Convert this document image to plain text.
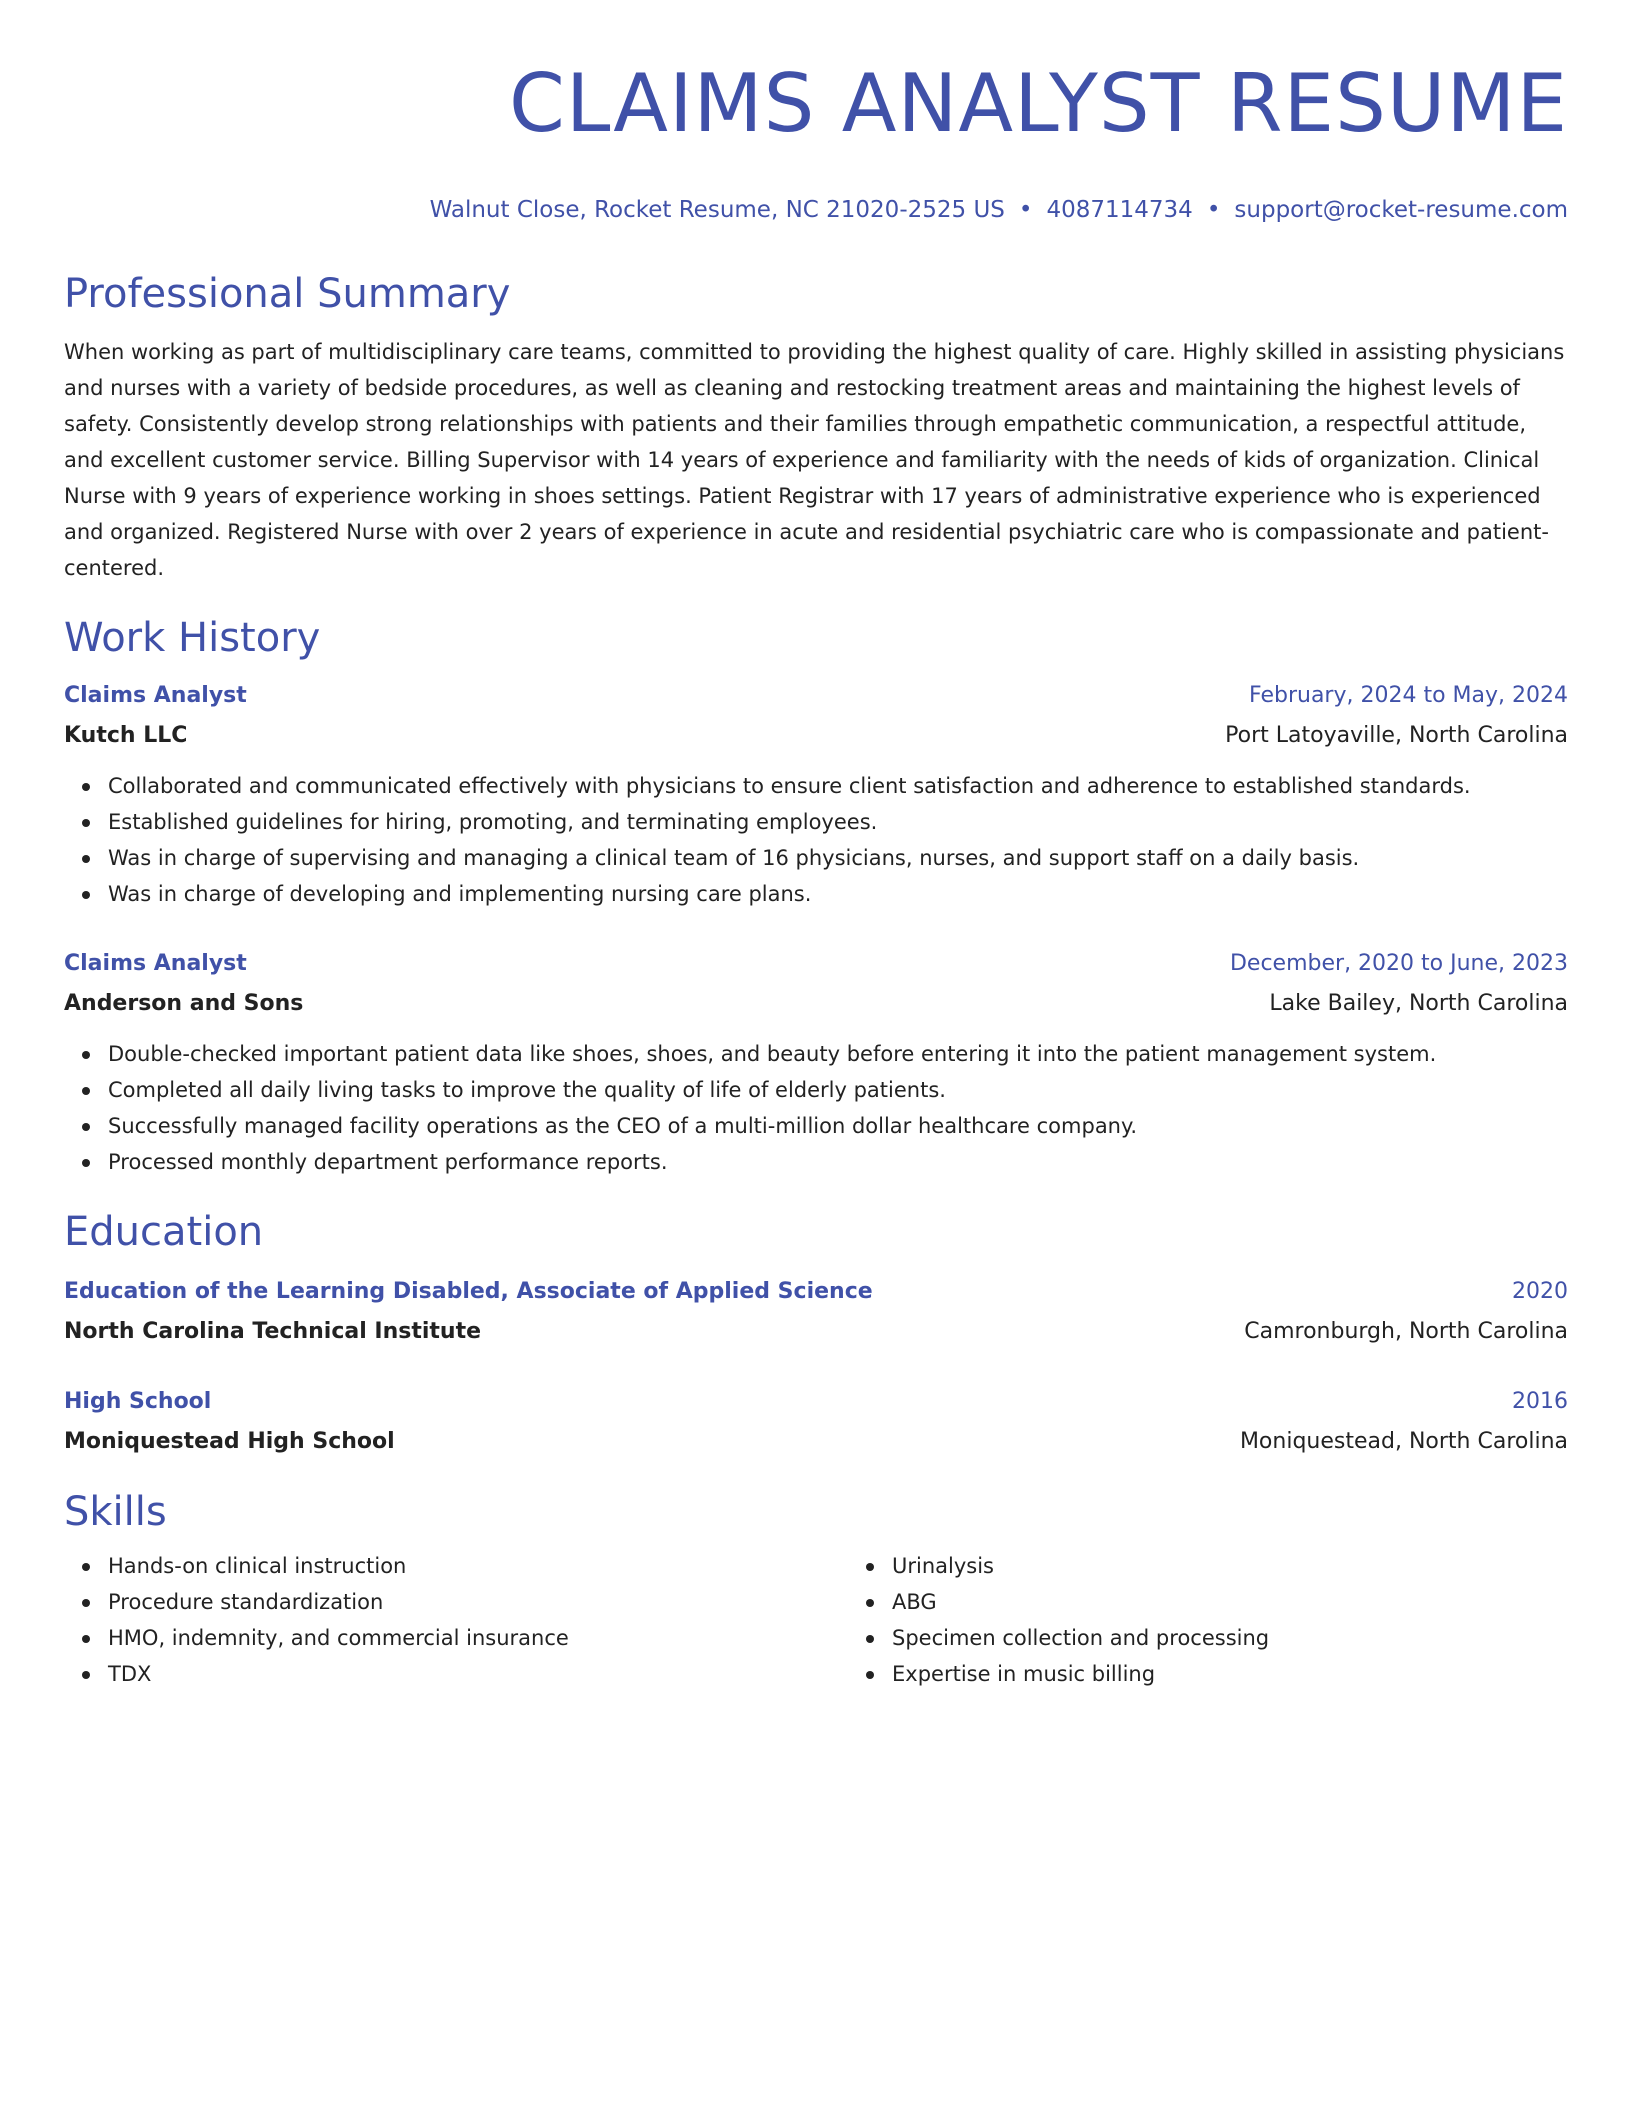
CLAIMS ANALYST RESUME
Walnut Close, Rocket Resume, NC 21020-2525 US • 4087114734 • support@rocket-resume.com
Professional Summary

When working as part of multidisciplinary care teams, committed to providing the highest quality of care. Highly skilled in assisting physicians and nurses with a variety of bedside procedures, as well as cleaning and restocking treatment areas and maintaining the highest levels of safety. Consistently develop strong relationships with patients and their families through empathetic communication, a respectful attitude, and excellent customer service. Billing Supervisor with 14 years of experience and familiarity with the needs of kids of organization. Clinical Nurse with 9 years of experience working in shoes settings. Patient Registrar with 17 years of administrative experience who is experienced and organized. Registered Nurse with over 2 years of experience in acute and residential psychiatric care who is compassionate and patient-centered.

Work History
Claims Analyst	February, 2024 to May, 2024
Kutch LLC	Port Latoyaville, North Carolina
Collaborated and communicated effectively with physicians to ensure client satisfaction and adherence to established standards.
Established guidelines for hiring, promoting, and terminating employees.
Was in charge of supervising and managing a clinical team of 16 physicians, nurses, and support staff on a daily basis.
Was in charge of developing and implementing nursing care plans.
Claims Analyst	December, 2020 to June, 2023
Anderson and Sons	Lake Bailey, North Carolina
Double-checked important patient data like shoes, shoes, and beauty before entering it into the patient management system.
Completed all daily living tasks to improve the quality of life of elderly patients.
Successfully managed facility operations as the CEO of a multi-million dollar healthcare company.
Processed monthly department performance reports.
Education
Education of the Learning Disabled, Associate of Applied Science	2020
North Carolina Technical Institute	Camronburgh, North Carolina
High School	2016
Moniquestead High School	Moniquestead, North Carolina
Skills
Hands-on clinical instruction
Procedure standardization
HMO, indemnity, and commercial insurance
TDX
Urinalysis
ABG
Specimen collection and processing
Expertise in music billing
